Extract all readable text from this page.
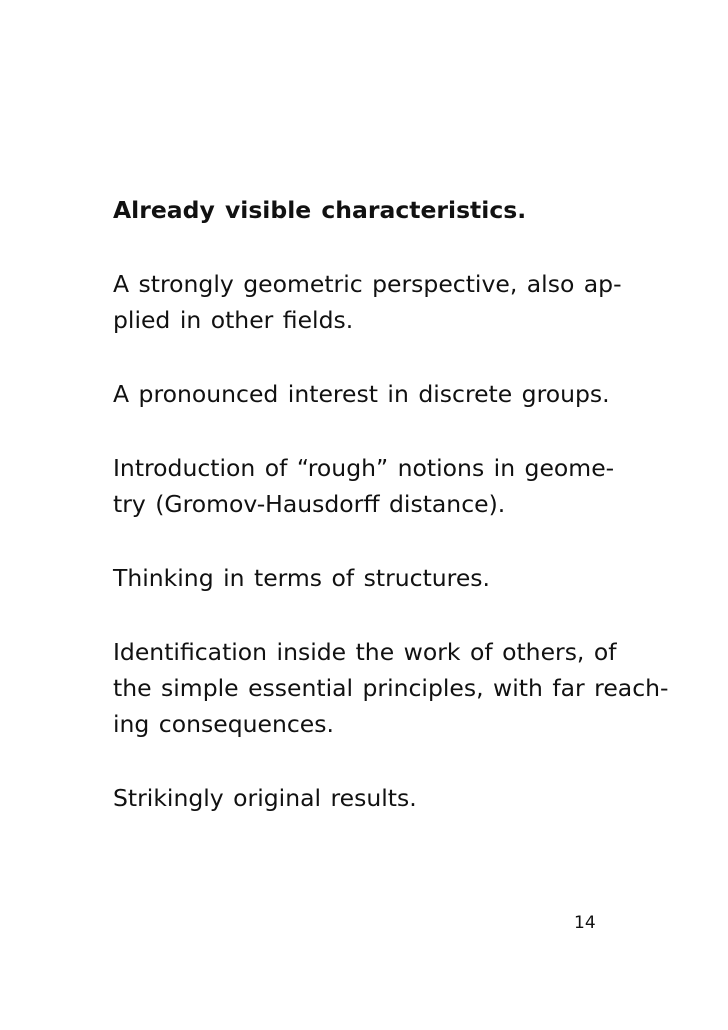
Already visible characteristics.

A strongly geometric perspective, also ap-
plied in other fields.

A pronounced interest in discrete groups.

Introduction of “rough” notions in geome-
try (Gromov-Hausdorff distance).

Thinking in terms of structures.

Identification inside the work of others, of
the simple essential principles, with far reach-
ing consequences.

Strikingly original results.

14
